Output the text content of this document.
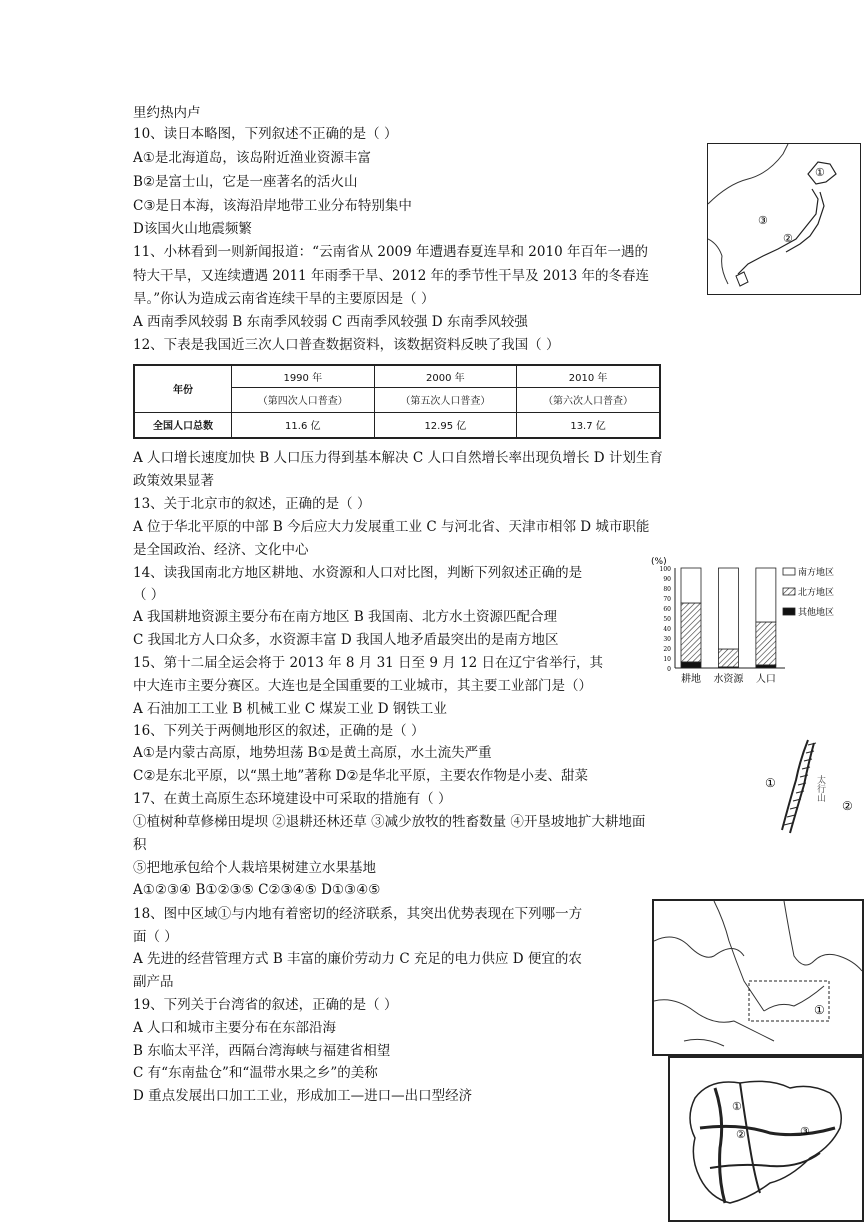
里约热内卢
10、读日本略图，下列叙述不正确的是（ ）
A①是北海道岛，该岛附近渔业资源丰富
B②是富士山，它是一座著名的活火山
C③是日本海，该海沿岸地带工业分布特别集中
D该国火山地震频繁
11、小林看到一则新闻报道：“云南省从 2009 年遭遇春夏连旱和 2010 年百年一遇的
特大干旱，又连续遭遇 2011 年雨季干旱、2012 年的季节性干旱及 2013 年的冬春连
旱。”你认为造成云南省连续干旱的主要原因是（ ）
A 西南季风较弱 B 东南季风较弱 C 西南季风较强 D 东南季风较强
12、下表是我国近三次人口普查数据资料，该数据资料反映了我国（ ）
年份	1990 年	2000 年	2010 年
	（第四次人口普查）	（第五次人口普查）	（第六次人口普查）
全国人口总数	11.6 亿	12.95 亿	13.7 亿
A 人口增长速度加快 B 人口压力得到基本解决 C 人口自然增长率出现负增长 D 计划生育
政策效果显著
13、关于北京市的叙述，正确的是（ ）
A 位于华北平原的中部 B 今后应大力发展重工业 C 与河北省、天津市相邻 D 城市职能
是全国政治、经济、文化中心
14、读我国南北方地区耕地、水资源和人口对比图，判断下列叙述正确的是
（ ）
A 我国耕地资源主要分布在南方地区 B 我国南、北方水土资源匹配合理
C 我国北方人口众多，水资源丰富 D 我国人地矛盾最突出的是南方地区
15、第十二届全运会将于 2013 年 8 月 31 日至 9 月 12 日在辽宁省举行，其
中大连市主要分赛区。大连也是全国重要的工业城市，其主要工业部门是（）
A 石油加工工业 B 机械工业 C 煤炭工业 D 钢铁工业
16、下列关于两侧地形区的叙述，正确的是（ ）
A①是内蒙古高原，地势坦荡 B①是黄土高原，水土流失严重
C②是东北平原，以“黑土地”著称 D②是华北平原，主要农作物是小麦、甜菜
17、在黄土高原生态环境建设中可采取的措施有（ ）
①植树种草修梯田堤坝 ②退耕还林还草 ③减少放牧的牲畜数量 ④开垦坡地扩大耕地面
积
⑤把地承包给个人栽培果树建立水果基地
A①②③④ B①②③⑤ C②③④⑤ D①③④⑤
18、图中区域①与内地有着密切的经济联系，其突出优势表现在下列哪一方
面（ ）
A 先进的经营管理方式 B 丰富的廉价劳动力 C 充足的电力供应 D 便宜的农
副产品
19、下列关于台湾省的叙述，正确的是（ ）
A 人口和城市主要分布在东部沿海
B 东临太平洋，西隔台湾海峡与福建省相望
C 有“东南盐仓”和“温带水果之乡”的美称
D 重点发展出口加工工业，形成加工—进口—出口型经济
①
②
③
(%)
0
10
20
30
40
50
60
70
80
90
100
耕地 水资源 人口
南方地区
北方地区
其他地区
①
②
太行山
①
①
②	③
